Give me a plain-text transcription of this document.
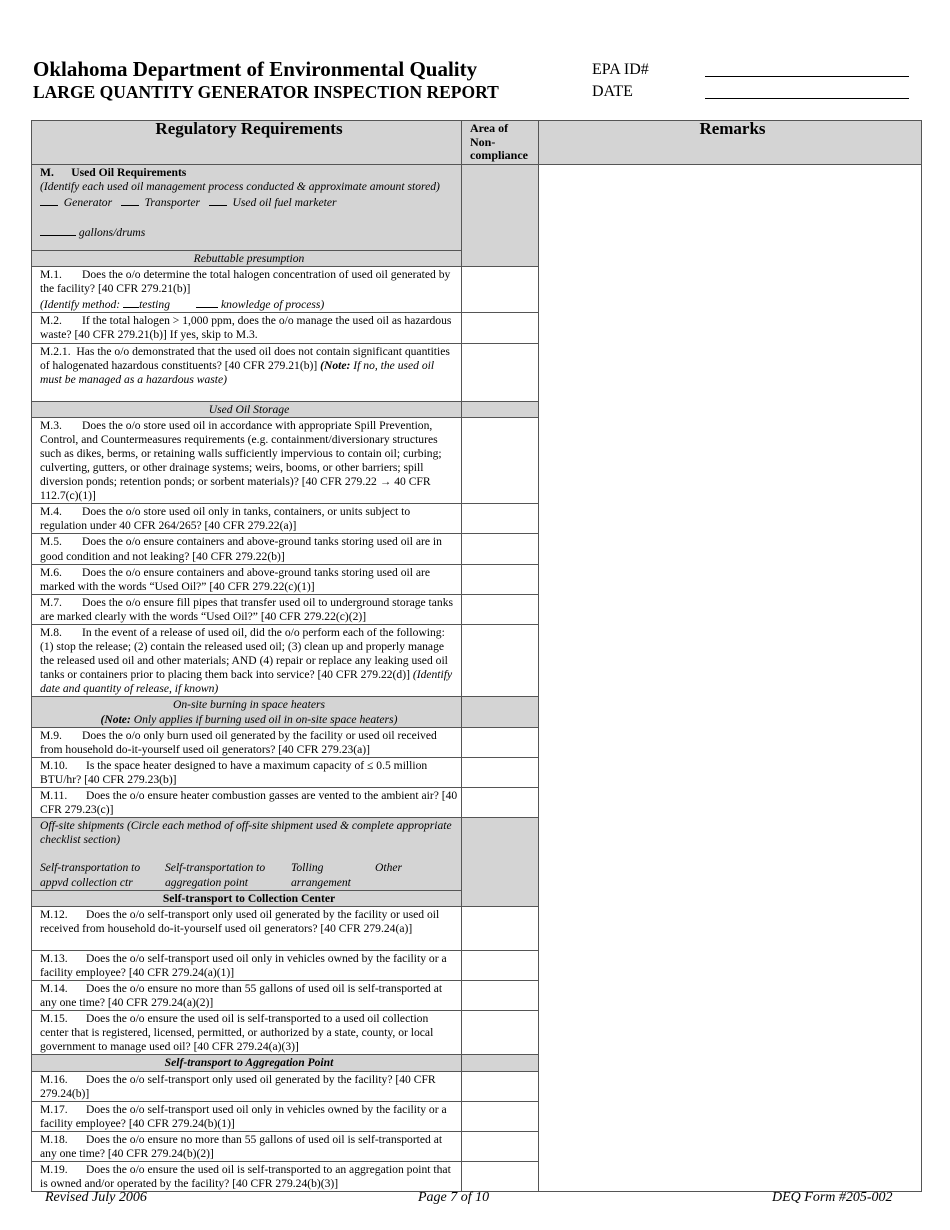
Oklahoma Department of Environmental Quality
LARGE QUANTITY GENERATOR INSPECTION REPORT
EPA ID#
DATE
Regulatory Requirements	Area of Non-compliance	Remarks
M. Used Oil Requirements
(Identify each used oil management process conducted & approximate amount stored)
Generator	Transporter	Used oil fuel marketer

gallons/drums		
Rebuttable presumption
M.1. Does the o/o determine the total halogen concentration of used oil generated by the facility? [40 CFR 279.21(b)]
(Identify method: testing	knowledge of process)	
M.2. If the total halogen > 1,000 ppm, does the o/o manage the used oil as hazardous waste? [40 CFR 279.21(b)] If yes, skip to M.3.	
M.2.1. Has the o/o demonstrated that the used oil does not contain significant quantities of halogenated hazardous constituents? [40 CFR 279.21(b)] (Note: If no, the used oil must be managed as a hazardous waste)	
Used Oil Storage	
M.3. Does the o/o store used oil in accordance with appropriate Spill Prevention, Control, and Countermeasures requirements (e.g. containment/diversionary structures such as dikes, berms, or retaining walls sufficiently impervious to contain oil; curbing; culverting, gutters, or other drainage systems; weirs, booms, or other barriers; spill diversion ponds; retention ponds; or sorbent materials)? [40 CFR 279.22 → 40 CFR 112.7(c)(1)]	
M.4. Does the o/o store used oil only in tanks, containers, or units subject to regulation under 40 CFR 264/265? [40 CFR 279.22(a)]	
M.5. Does the o/o ensure containers and above-ground tanks storing used oil are in good condition and not leaking? [40 CFR 279.22(b)]	
M.6. Does the o/o ensure containers and above-ground tanks storing used oil are marked with the words “Used Oil?” [40 CFR 279.22(c)(1)]	
M.7. Does the o/o ensure fill pipes that transfer used oil to underground storage tanks are marked clearly with the words “Used Oil?” [40 CFR 279.22(c)(2)]	
M.8. In the event of a release of used oil, did the o/o perform each of the following: (1) stop the release; (2) contain the released used oil; (3) clean up and properly manage the released used oil and other materials; AND (4) repair or replace any leaking used oil tanks or containers prior to placing them back into service? [40 CFR 279.22(d)] (Identify date and quantity of release, if known)	
On-site burning in space heaters
(Note: Only applies if burning used oil in on-site space heaters)	
M.9. Does the o/o only burn used oil generated by the facility or used oil received from household do-it-yourself used oil generators? [40 CFR 279.23(a)]	
M.10. Is the space heater designed to have a maximum capacity of ≤ 0.5 million BTU/hr? [40 CFR 279.23(b)]	
M.11. Does the o/o ensure heater combustion gasses are vented to the ambient air? [40 CFR 279.23(c)]	
Off-site shipments (Circle each method of off-site shipment used & complete appropriate checklist section)

Self-transportation to
appvd collection ctr	Self-transportation to
aggregation point	Tolling
arrangement	Other

Self-transport to Collection Center
M.12. Does the o/o self-transport only used oil generated by the facility or used oil received from household do-it-yourself used oil generators? [40 CFR 279.24(a)]	
M.13. Does the o/o self-transport used oil only in vehicles owned by the facility or a facility employee? [40 CFR 279.24(a)(1)]	
M.14. Does the o/o ensure no more than 55 gallons of used oil is self-transported at any one time? [40 CFR 279.24(a)(2)]	
M.15. Does the o/o ensure the used oil is self-transported to a used oil collection center that is registered, licensed, permitted, or authorized by a state, county, or local government to manage used oil? [40 CFR 279.24(a)(3)]	
Self-transport to Aggregation Point	
M.16. Does the o/o self-transport only used oil generated by the facility? [40 CFR 279.24(b)]	
M.17. Does the o/o self-transport used oil only in vehicles owned by the facility or a facility employee? [40 CFR 279.24(b)(1)]	
M.18. Does the o/o ensure no more than 55 gallons of used oil is self-transported at any one time? [40 CFR 279.24(b)(2)]	
M.19. Does the o/o ensure the used oil is self-transported to an aggregation point that is owned and/or operated by the facility? [40 CFR 279.24(b)(3)]	
Revised July 2006	Page 7 of 10	DEQ Form #205-002
